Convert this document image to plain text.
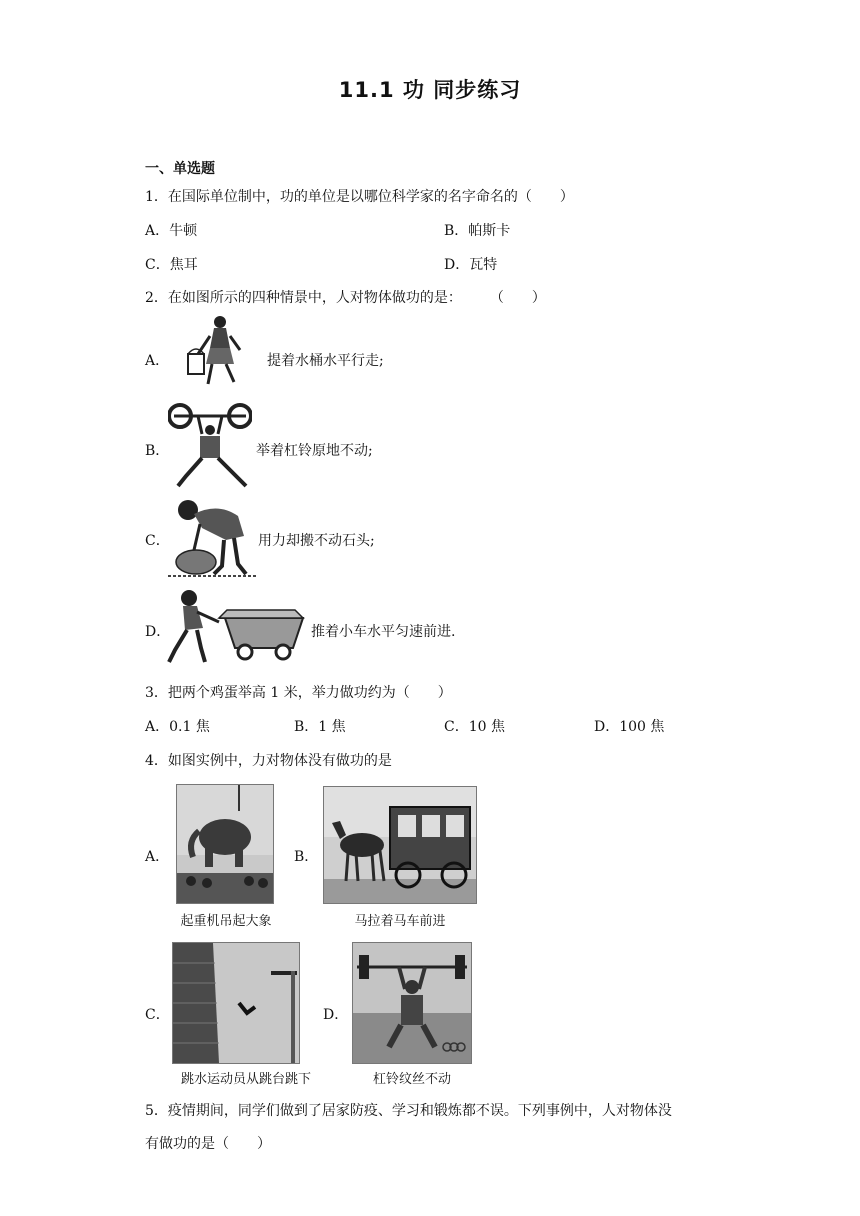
11.1 功 同步练习
一、单选题
1．在国际单位制中，功的单位是以哪位科学家的名字命名的（　　）
A．牛顿	B．帕斯卡
C．焦耳	D．瓦特
2．在如图所示的四种情景中，人对物体做功的是：　　　（　　）
A．	提着水桶水平行走;
B．	举着杠铃原地不动;
C．	用力却搬不动石头;
D．	推着小车水平匀速前进.
3．把两个鸡蛋举高 1 米，举力做功约为（　　）
A．0.1 焦	B．1 焦	C．10 焦	D．100 焦
4．如图实例中，力对物体没有做功的是
A．
起重机吊起大象
B．
马拉着马车前进
C．
跳水运动员从跳台跳下
D．
杠铃纹丝不动
5．疫情期间，同学们做到了居家防疫、学习和锻炼都不误。下列事例中，人对物体没
有做功的是（　　）
